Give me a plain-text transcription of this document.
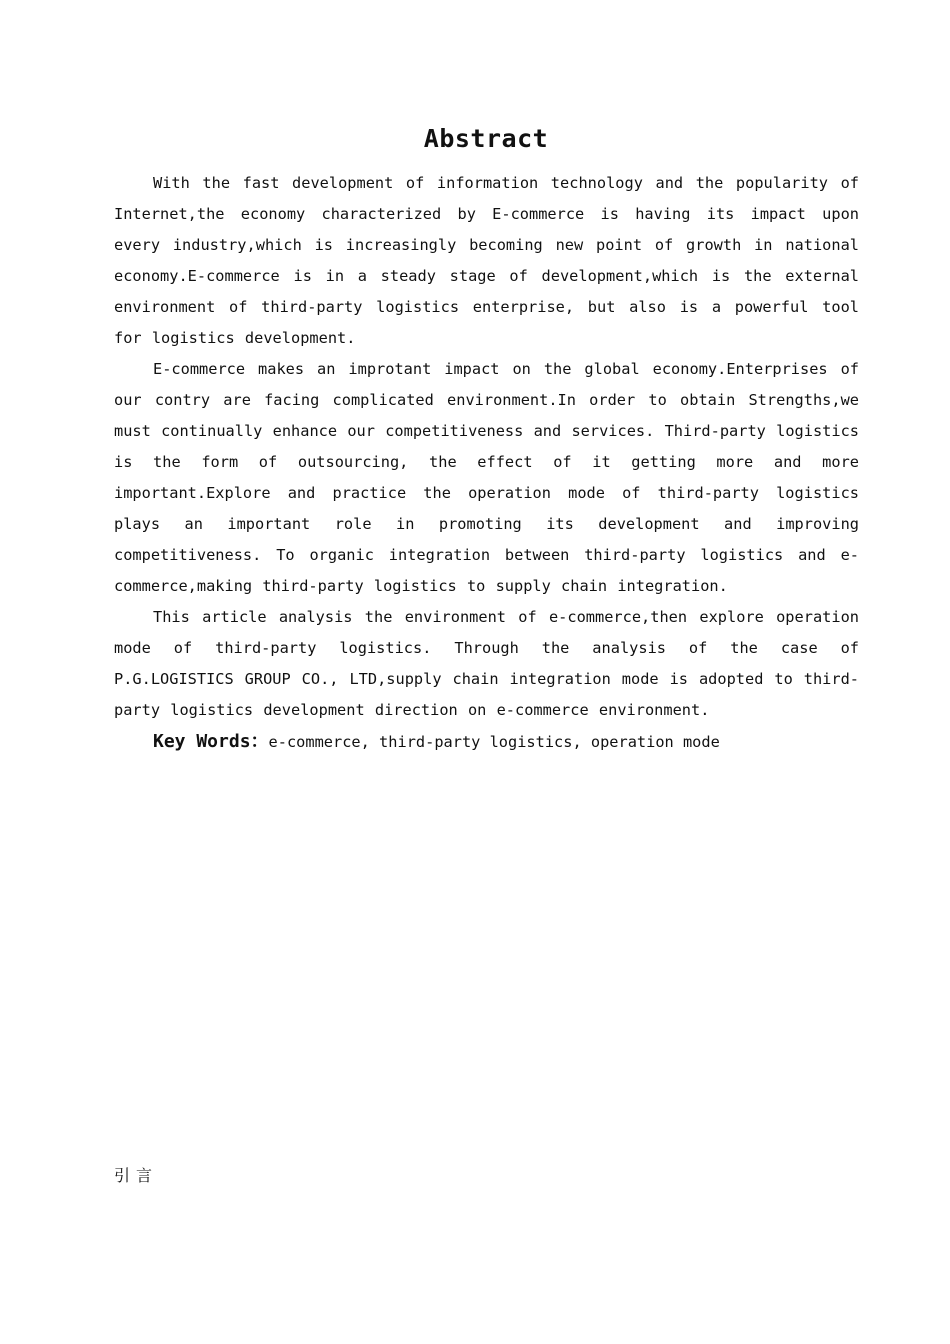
Abstract

With the fast development of information technology and the popularity of Internet,the economy characterized by E-commerce is having its impact upon every industry,which is increasingly becoming new point of growth in national economy.E-commerce is in a steady stage of development,which is the external environment of third-party logistics enterprise, but also is a powerful tool for logistics development.

E-commerce makes an improtant impact on the global economy.Enterprises of our contry are facing complicated environment.In order to obtain Strengths,we must continually enhance our competitiveness and services. Third-party logistics is the form of outsourcing, the effect of it getting more and more important.Explore and practice the operation mode of third-party logistics plays an important role in promoting its development and improving competitiveness. To organic integration between third-party logistics and e-commerce,making third-party logistics to supply chain integration.

This article analysis the environment of e-commerce,then explore operation mode of third-party logistics. Through the analysis of the case of P.G.LOGISTICS GROUP CO., LTD,supply chain integration mode is adopted to third-party logistics development direction on e-commerce environment.

Key Words：e-commerce, third-party logistics, operation mode

引言
